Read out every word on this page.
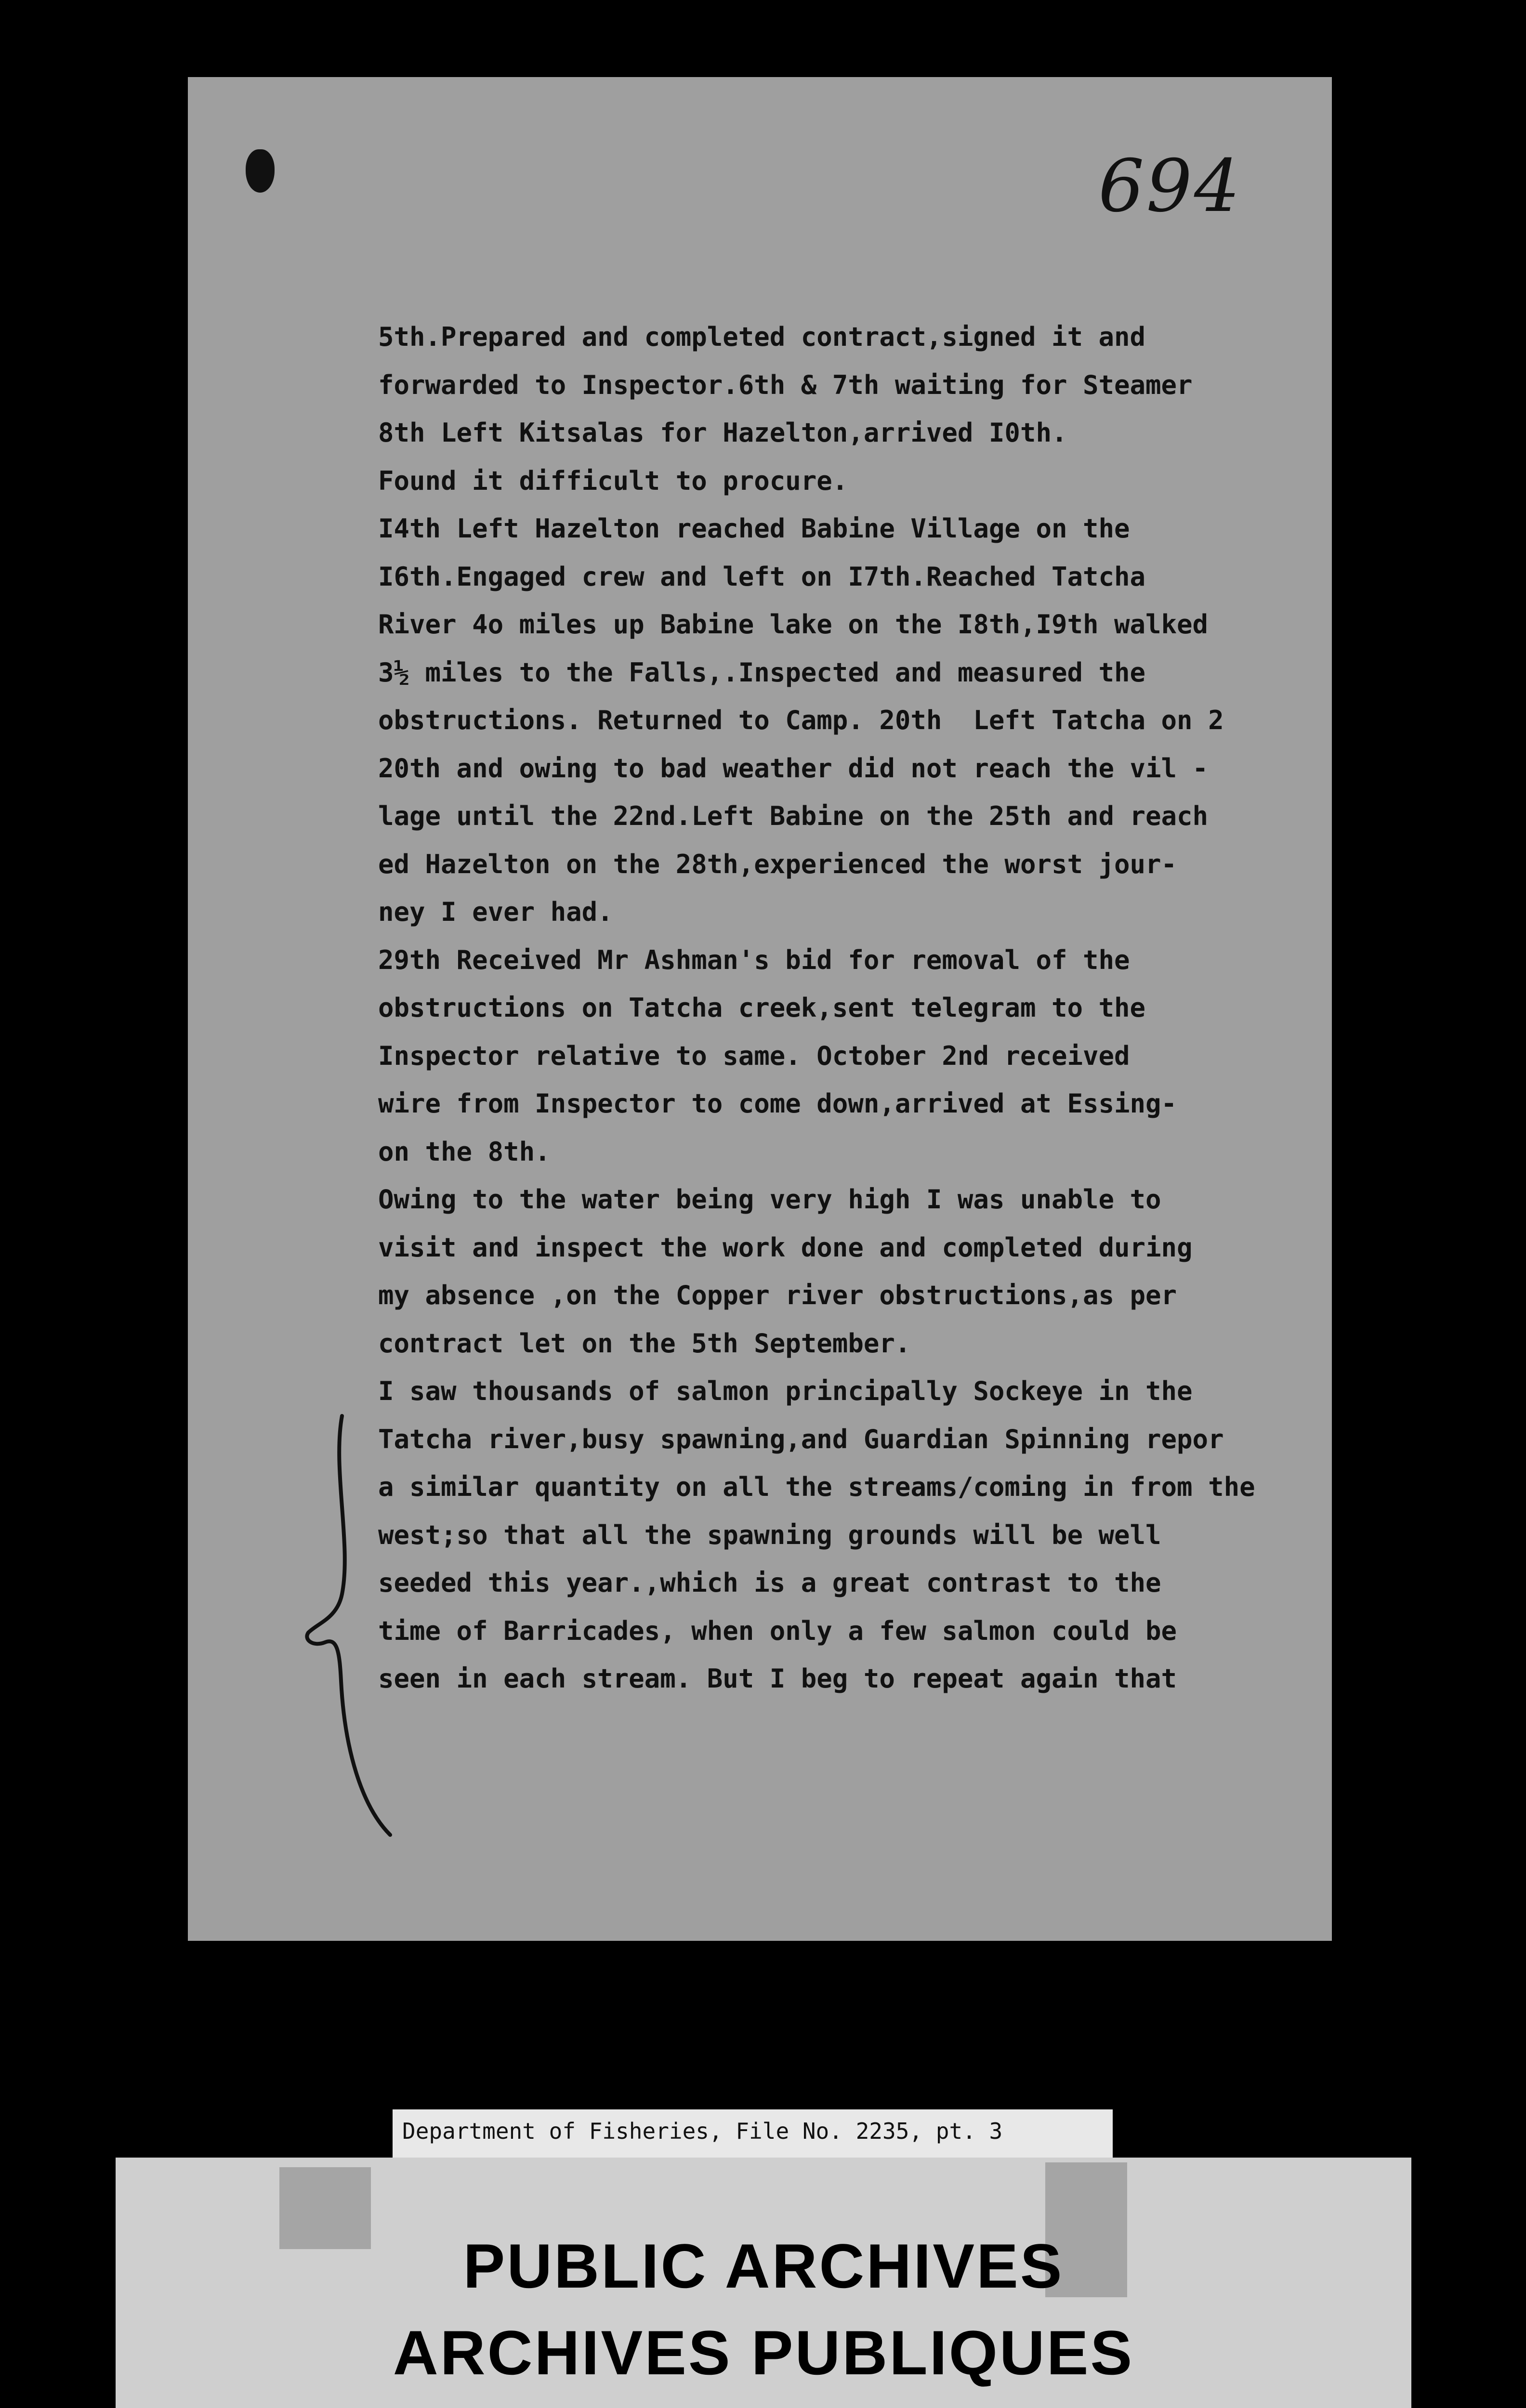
694
5th.Prepared and completed contract,signed it and
forwarded to Inspector.6th & 7th waiting for Steamer
8th Left Kitsalas for Hazelton,arrived I0th.
Found it difficult to procure.
I4th Left Hazelton reached Babine Village on the
I6th.Engaged crew and left on I7th.Reached Tatcha
River 4o miles up Babine lake on the I8th,I9th walked
3½ miles to the Falls,.Inspected and measured the
obstructions. Returned to Camp. 20th  Left Tatcha on 2
20th and owing to bad weather did not reach the vil -
lage until the 22nd.Left Babine on the 25th and reach
ed Hazelton on the 28th,experienced the worst jour-
ney I ever had.
29th Received Mr Ashman's bid for removal of the
obstructions on Tatcha creek,sent telegram to the
Inspector relative to same. October 2nd received
wire from Inspector to come down,arrived at Essing-
on the 8th.
Owing to the water being very high I was unable to
visit and inspect the work done and completed during
my absence ,on the Copper river obstructions,as per
contract let on the 5th September.
I saw thousands of salmon principally Sockeye in the
Tatcha river,busy spawning,and Guardian Spinning repor
a similar quantity on all the streams/coming in from the
west;so that all the spawning grounds will be well
seeded this year.,which is a great contrast to the
time of Barricades, when only a few salmon could be
seen in each stream. But I beg to repeat again that
Department of Fisheries, File No. 2235, pt. 3
PUBLIC ARCHIVES
ARCHIVES PUBLIQUES
